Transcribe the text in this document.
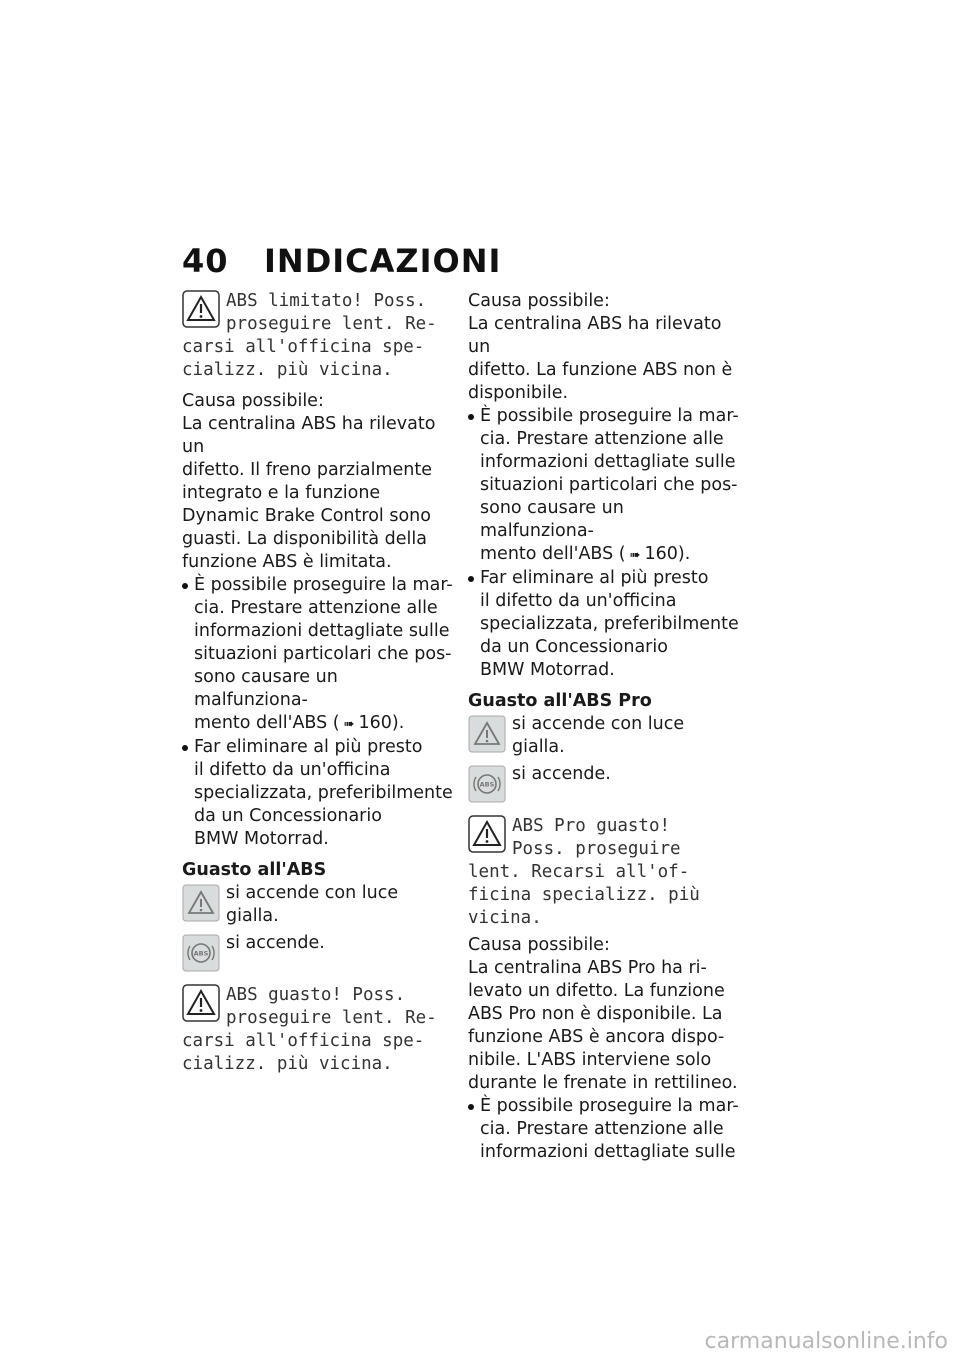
40 INDICAZIONI

ABS limitato! Poss.

proseguire lent. Re-

carsi all'officina spe-

cializz. più vicina.

Causa possibile:

La centralina ABS ha rilevato un

difetto. Il freno parzialmente

integrato e la funzione

Dynamic Brake Control sono

guasti. La disponibilità della

funzione ABS è limitata.

È possibile proseguire la mar-

cia. Prestare attenzione alle

informazioni dettagliate sulle

situazioni particolari che pos-

sono causare un malfunziona-

mento dell'ABS ( ➠ 160).

Far eliminare al più presto

il difetto da un'officina

specializzata, preferibilmente

da un Concessionario

BMW Motorrad.

Guasto all'ABS

si accende con luce gialla.

ABS

si accende.

ABS guasto! Poss.

proseguire lent. Re-

carsi all'officina spe-

cializz. più vicina.

Causa possibile:

La centralina ABS ha rilevato un

difetto. La funzione ABS non è

disponibile.

È possibile proseguire la mar-

cia. Prestare attenzione alle

informazioni dettagliate sulle

situazioni particolari che pos-

sono causare un malfunziona-

mento dell'ABS ( ➠ 160).

Far eliminare al più presto

il difetto da un'officina

specializzata, preferibilmente

da un Concessionario

BMW Motorrad.

Guasto all'ABS Pro

si accende con luce gialla.

ABS

si accende.

ABS Pro guasto!

Poss. proseguire

lent. Recarsi all'of-

ficina specializz. più

vicina.

Causa possibile:

La centralina ABS Pro ha ri-

levato un difetto. La funzione

ABS Pro non è disponibile. La

funzione ABS è ancora dispo-

nibile. L'ABS interviene solo

durante le frenate in rettilineo.

È possibile proseguire la mar-

cia. Prestare attenzione alle

informazioni dettagliate sulle

carmanualsonline.info
